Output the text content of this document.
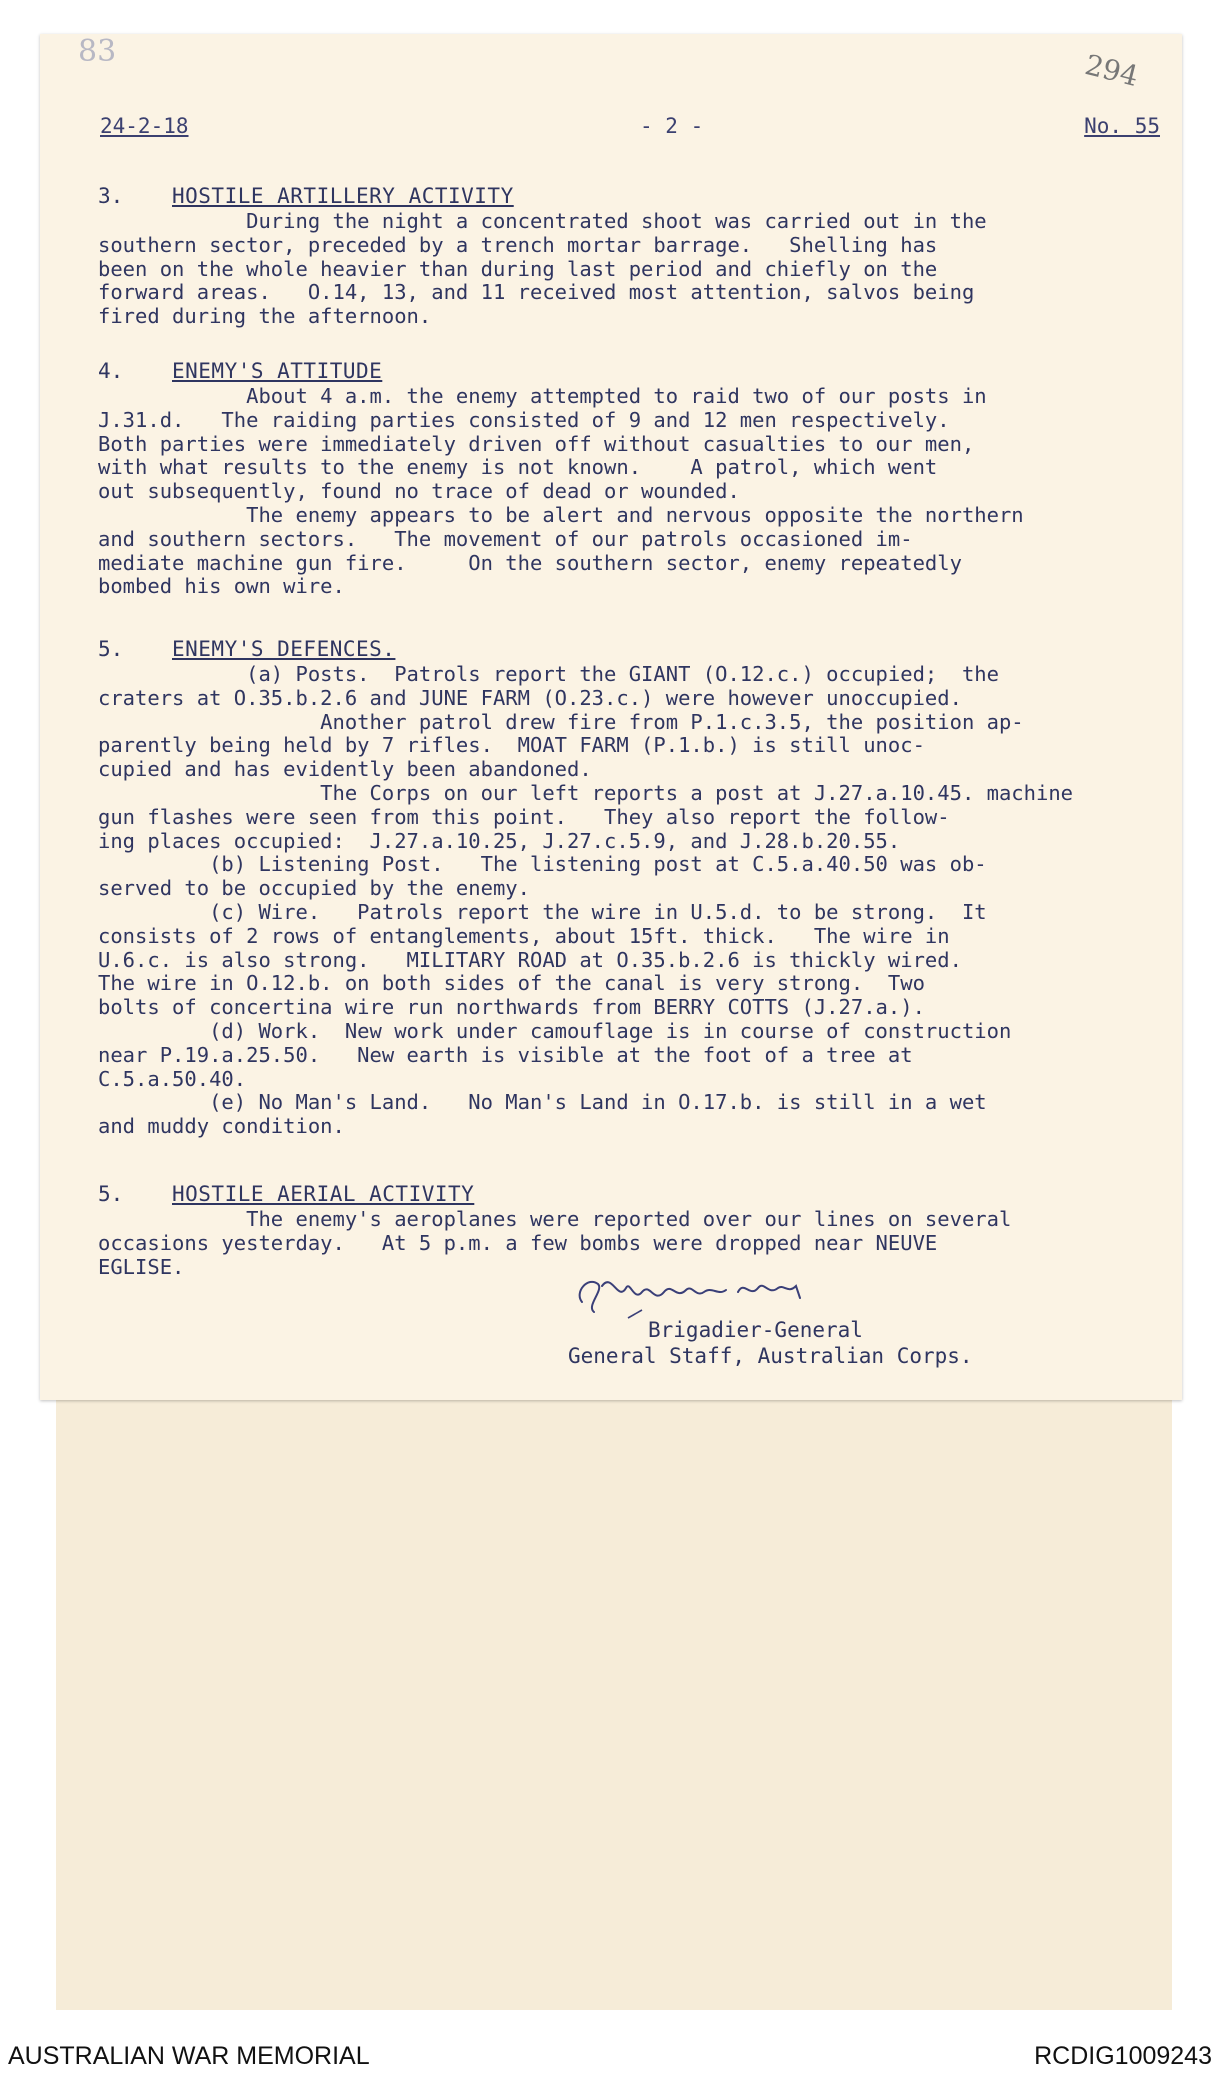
83	294
24-2-18	- 2 -	No. 55
3. HOSTILE ARTILLERY ACTIVITY
During the night a concentrated shoot was carried out in the
southern sector, preceded by a trench mortar barrage.   Shelling has
been on the whole heavier than during last period and chiefly on the
forward areas.   O.14, 13, and 11 received most attention, salvos being
fired during the afternoon.
4. ENEMY'S ATTITUDE
About 4 a.m. the enemy attempted to raid two of our posts in
J.31.d.   The raiding parties consisted of 9 and 12 men respectively.
Both parties were immediately driven off without casualties to our men,
with what results to the enemy is not known.    A patrol, which went
out subsequently, found no trace of dead or wounded.
The enemy appears to be alert and nervous opposite the northern
and southern sectors.   The movement of our patrols occasioned im-
mediate machine gun fire.     On the southern sector, enemy repeatedly
bombed his own wire.
5. ENEMY'S DEFENCES.
(a) Posts.  Patrols report the GIANT (O.12.c.) occupied;  the
craters at O.35.b.2.6 and JUNE FARM (O.23.c.) were however unoccupied.
Another patrol drew fire from P.1.c.3.5, the position ap-
parently being held by 7 rifles.  MOAT FARM (P.1.b.) is still unoc-
cupied and has evidently been abandoned.
The Corps on our left reports a post at J.27.a.10.45. machine
gun flashes were seen from this point.   They also report the follow-
ing places occupied:  J.27.a.10.25, J.27.c.5.9, and J.28.b.20.55.
(b) Listening Post.   The listening post at C.5.a.40.50 was ob-
served to be occupied by the enemy.
(c) Wire.   Patrols report the wire in U.5.d. to be strong.  It
consists of 2 rows of entanglements, about 15ft. thick.   The wire in
U.6.c. is also strong.   MILITARY ROAD at O.35.b.2.6 is thickly wired.
The wire in O.12.b. on both sides of the canal is very strong.  Two
bolts of concertina wire run northwards from BERRY COTTS (J.27.a.).
(d) Work.  New work under camouflage is in course of construction
near P.19.a.25.50.   New earth is visible at the foot of a tree at
C.5.a.50.40.
(e) No Man's Land.   No Man's Land in O.17.b. is still in a wet
and muddy condition.
5. HOSTILE AERIAL ACTIVITY
The enemy's aeroplanes were reported over our lines on several
occasions yesterday.   At 5 p.m. a few bombs were dropped near NEUVE
EGLISE.
Brigadier-General
General Staff, Australian Corps.
AUSTRALIAN WAR MEMORIAL	RCDIG1009243
